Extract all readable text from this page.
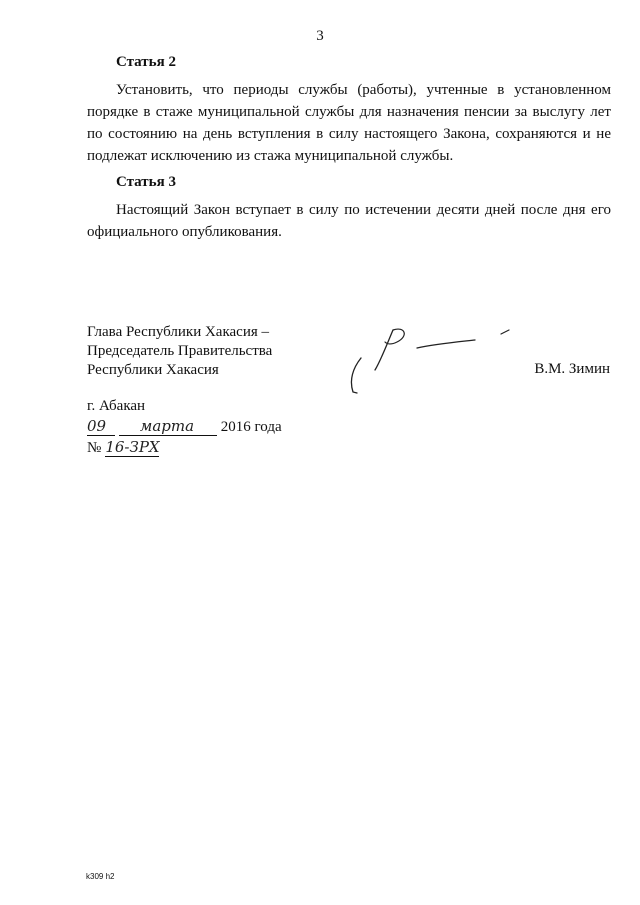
3
Статья 2

Установить, что периоды службы (работы), учтенные в установленном порядке в стаже муниципальной службы для назначения пенсии за выслугу лет по состоянию на день вступления в силу настоящего Закона, сохраняются и не подлежат исключению из стажа муниципальной службы.

Статья 3

Настоящий Закон вступает в силу по истечении десяти дней после дня его официального опубликования.

Глава Республики Хакасия –
Председатель Правительства
Республики Хакасия	В.М. Зимин
г. Абакан
09 марта 2016 года
№ 16-ЗРХ
k309 h2
